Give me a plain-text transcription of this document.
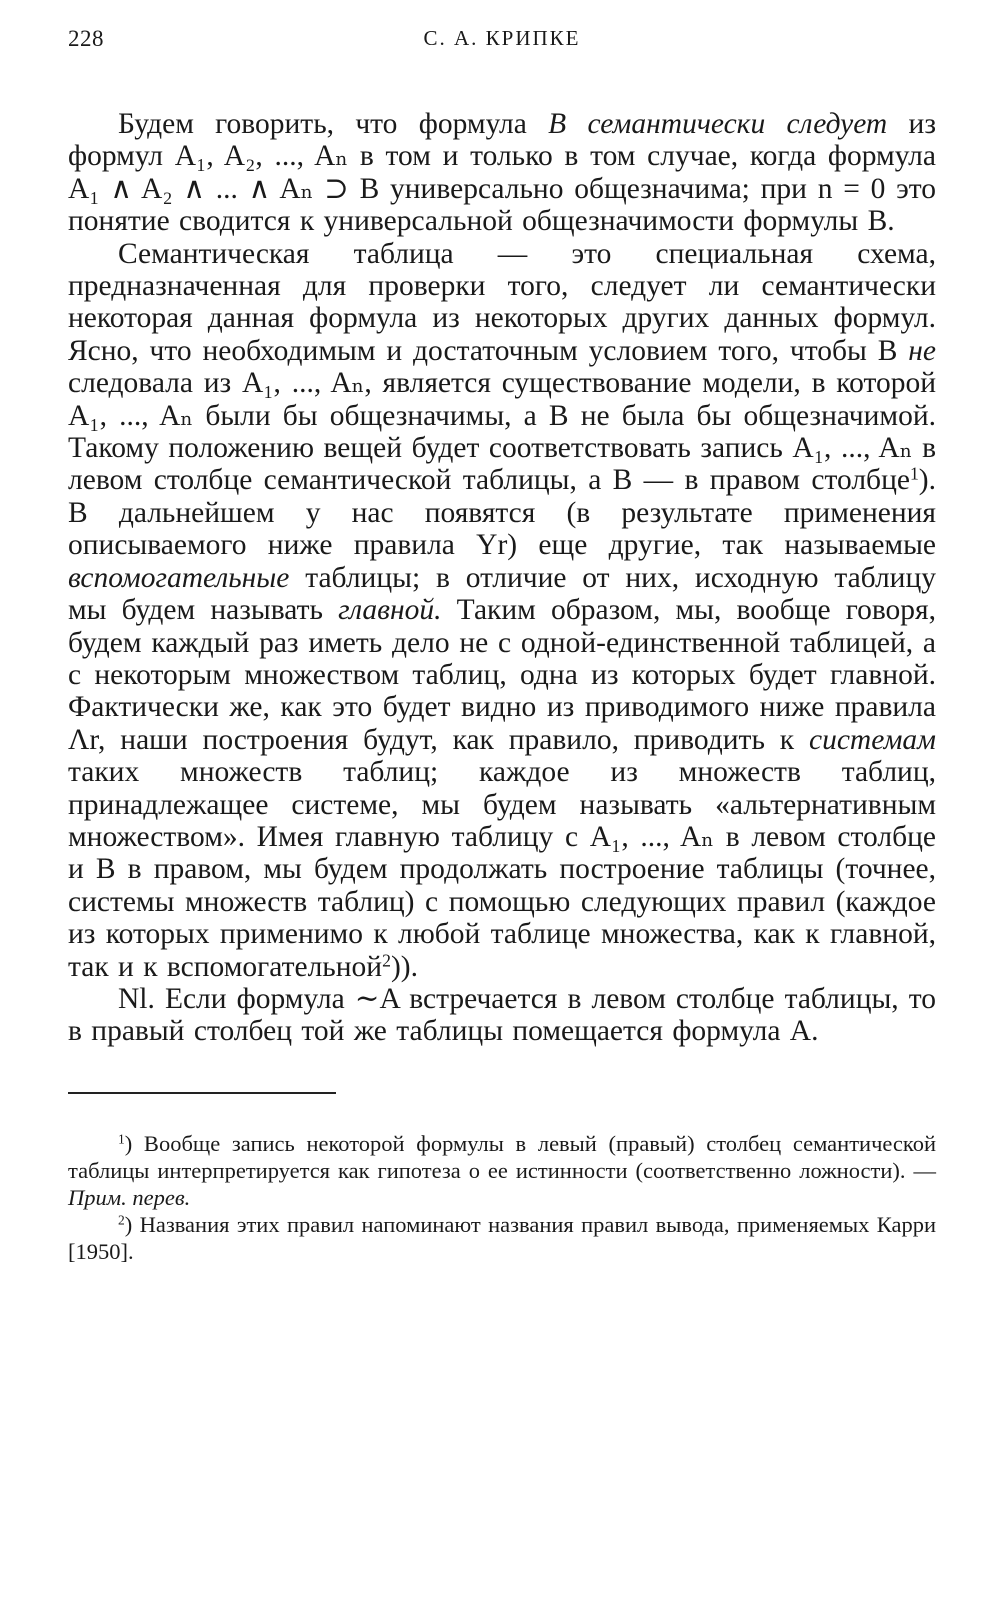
228	С. А. КРИПКЕ

Будем говорить, что формула B семантически следует из формул A₁, A₂, ..., Aₙ в том и только в том случае, когда формула A₁ ∧ A₂ ∧ ... ∧ Aₙ ⊃ B универсально общезначима; при n = 0 это понятие сводится к универсальной общезначимости формулы B.

Семантическая таблица — это специальная схема, предназначенная для проверки того, следует ли семантически некоторая данная формула из некоторых других данных формул. Ясно, что необходимым и достаточным условием того, чтобы B не следовала из A₁, ..., Aₙ, является существование модели, в которой A₁, ..., Aₙ были бы общезначимы, а B не была бы общезначимой. Такому положению вещей будет соответствовать запись A₁, ..., Aₙ в левом столбце семантической таблицы, а B — в правом столбце$^1$). В дальнейшем у нас появятся (в результате применения описываемого ниже правила Yr) еще другие, так называемые вспомогательные таблицы; в отличие от них, исходную таблицу мы будем называть главной. Таким образом, мы, вообще говоря, будем каждый раз иметь дело не с одной-единственной таблицей, а с некоторым множеством таблиц, одна из которых будет главной. Фактически же, как это будет видно из приводимого ниже правила Λr, наши построения будут, как правило, приводить к системам таких множеств таблиц; каждое из множеств таблиц, принадлежащее системе, мы будем называть «альтернативным множеством». Имея главную таблицу с A₁, ..., Aₙ в левом столбце и B в правом, мы будем продолжать построение таблицы (точнее, системы множеств таблиц) с помощью следующих правил (каждое из которых применимо к любой таблице множества, как к главной, так и к вспомогательной$^2$)).

Nl. Если формула ∼A встречается в левом столбце таблицы, то в правый столбец той же таблицы помещается формула A.

$^1$) Вообще запись некоторой формулы в левый (правый) столбец семантической таблицы интерпретируется как гипотеза о ее истинности (соответственно ложности). — Прим. перев.

$^2$) Названия этих правил напоминают названия правил вывода, применяемых Карри [1950].
